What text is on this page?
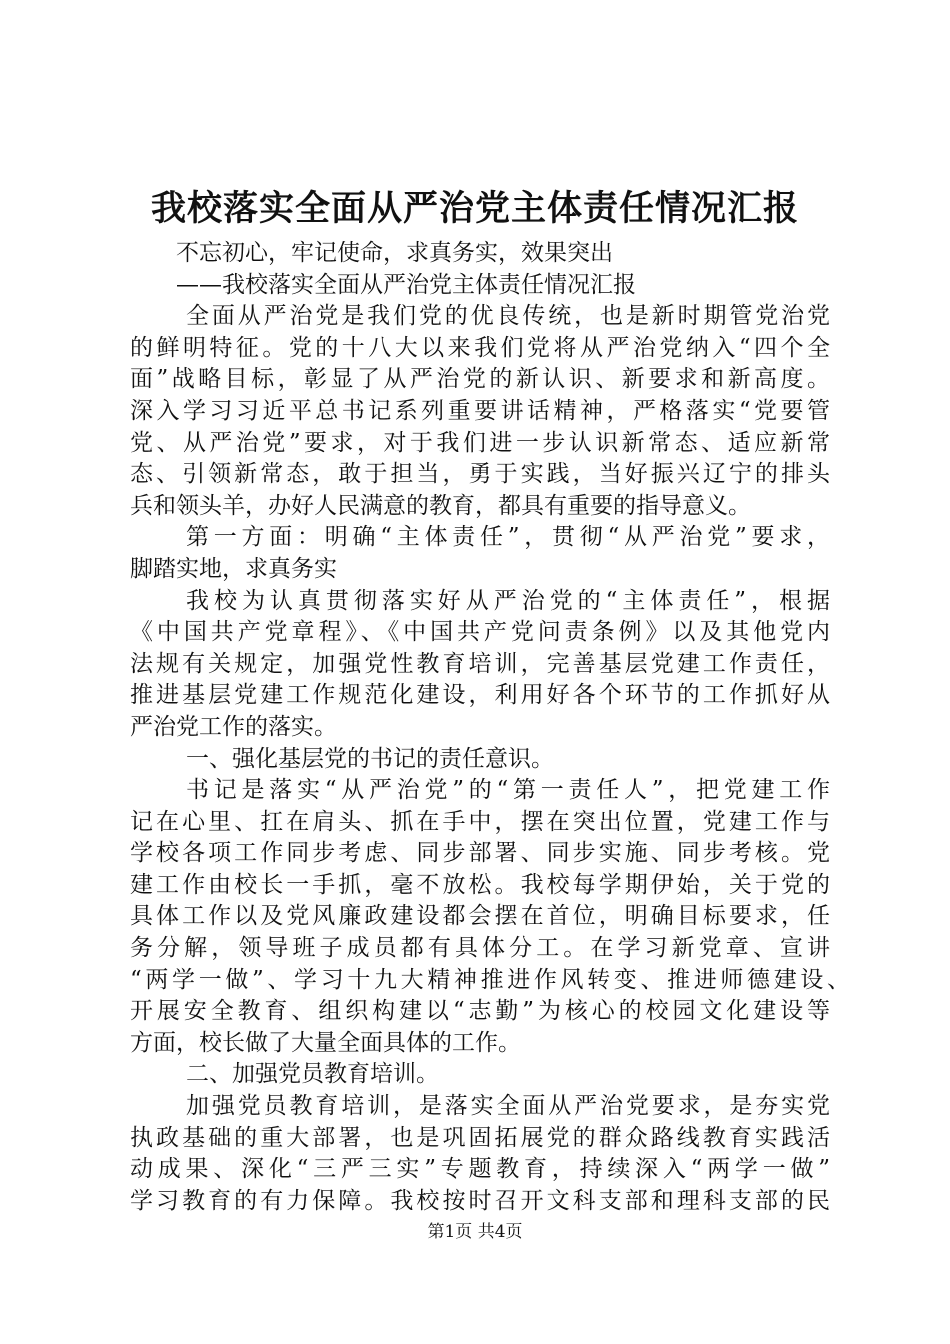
我校落实全面从严治党主体责任情况汇报
不忘初心，牢记使命，求真务实，效果突出
——我校落实全面从严治党主体责任情况汇报
全面从严治党是我们党的优良传统，也是新时期管党治党
的鲜明特征。党的十八大以来我们党将从严治党纳入“四个全
面”战略目标，彰显了从严治党的新认识、新要求和新高度。
深入学习习近平总书记系列重要讲话精神，严格落实“党要管
党、从严治党”要求，对于我们进一步认识新常态、适应新常
态、引领新常态，敢于担当，勇于实践，当好振兴辽宁的排头
兵和领头羊，办好人民满意的教育，都具有重要的指导意义。
第一方面：明确“主体责任”，贯彻“从严治党”要求，
脚踏实地，求真务实
我校为认真贯彻落实好从严治党的“主体责任”，根据
《中国共产党章程》、《中国共产党问责条例》以及其他党内
法规有关规定，加强党性教育培训，完善基层党建工作责任，
推进基层党建工作规范化建设，利用好各个环节的工作抓好从
严治党工作的落实。
一、强化基层党的书记的责任意识。
书记是落实“从严治党”的“第一责任人”，把党建工作
记在心里、扛在肩头、抓在手中，摆在突出位置，党建工作与
学校各项工作同步考虑、同步部署、同步实施、同步考核。党
建工作由校长一手抓，毫不放松。我校每学期伊始，关于党的
具体工作以及党风廉政建设都会摆在首位，明确目标要求，任
务分解，领导班子成员都有具体分工。在学习新党章、宣讲
“两学一做”、学习十九大精神推进作风转变、推进师德建设、
开展安全教育、组织构建以“志勤”为核心的校园文化建设等
方面，校长做了大量全面具体的工作。
二、加强党员教育培训。
加强党员教育培训，是落实全面从严治党要求，是夯实党
执政基础的重大部署，也是巩固拓展党的群众路线教育实践活
动成果、深化“三严三实”专题教育，持续深入“两学一做”
学习教育的有力保障。我校按时召开文科支部和理科支部的民
第1页 共4页
